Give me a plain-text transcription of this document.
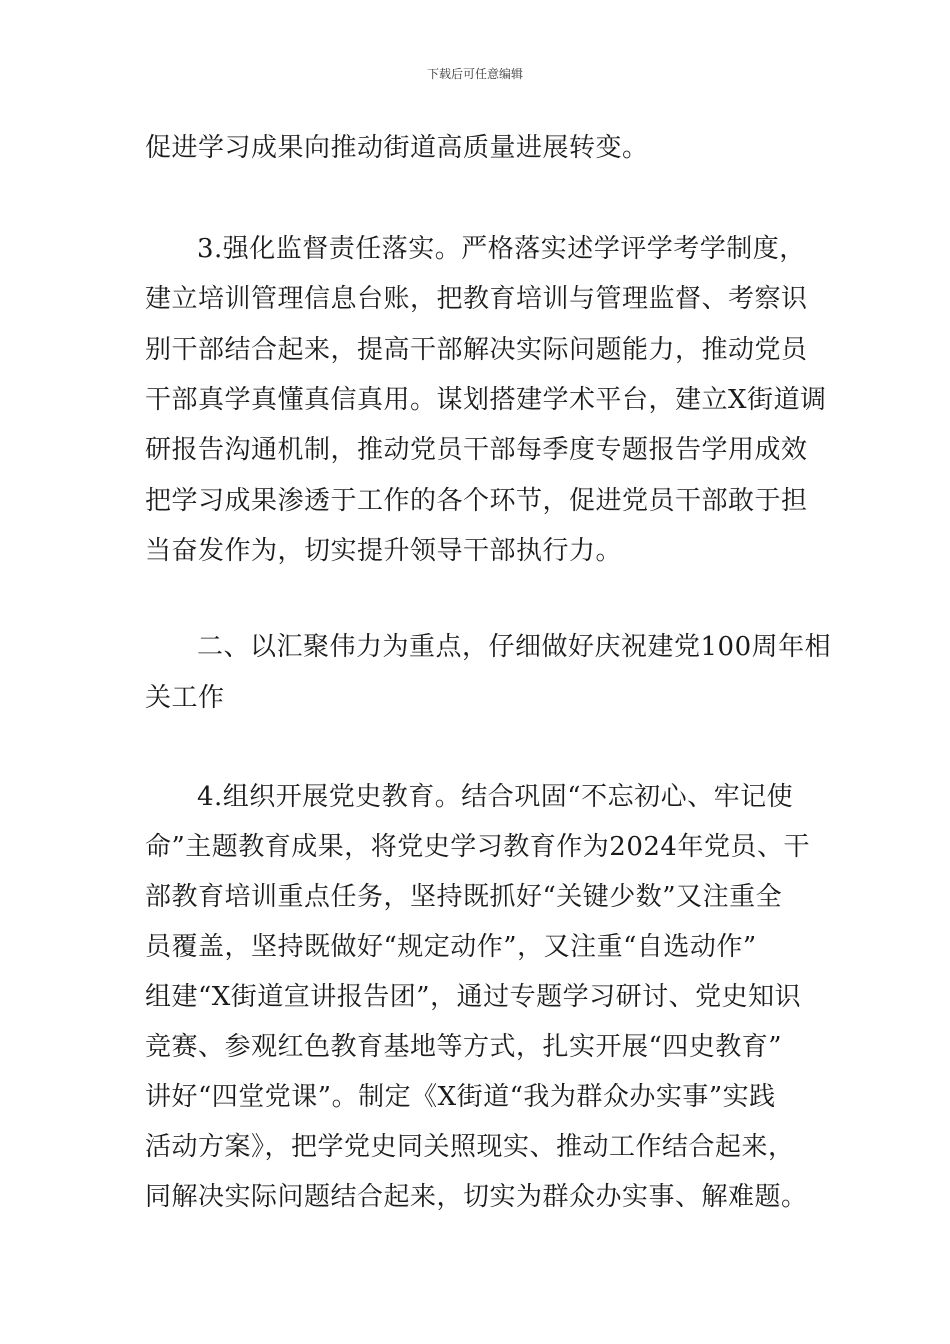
下载后可任意编辑
促进学习成果向推动街道高质量进展转变。
3.强化监督责任落实。严格落实述学评学考学制度，
建立培训管理信息台账，把教育培训与管理监督、考察识
别干部结合起来，提高干部解决实际问题能力，推动党员
干部真学真懂真信真用。谋划搭建学术平台，建立X街道调
研报告沟通机制，推动党员干部每季度专题报告学用成效
把学习成果渗透于工作的各个环节，促进党员干部敢于担
当奋发作为，切实提升领导干部执行力。
二、以汇聚伟力为重点，仔细做好庆祝建党100周年相
关工作
4.组织开展党史教育。结合巩固“不忘初心、牢记使
命”主题教育成果，将党史学习教育作为2024年党员、干
部教育培训重点任务，坚持既抓好“关键少数”又注重全
员覆盖，坚持既做好“规定动作”，又注重“自选动作”
组建“X街道宣讲报告团”，通过专题学习研讨、党史知识
竞赛、参观红色教育基地等方式，扎实开展“四史教育”
讲好“四堂党课”。制定《X街道“我为群众办实事”实践
活动方案》，把学党史同关照现实、推动工作结合起来，
同解决实际问题结合起来，切实为群众办实事、解难题。
